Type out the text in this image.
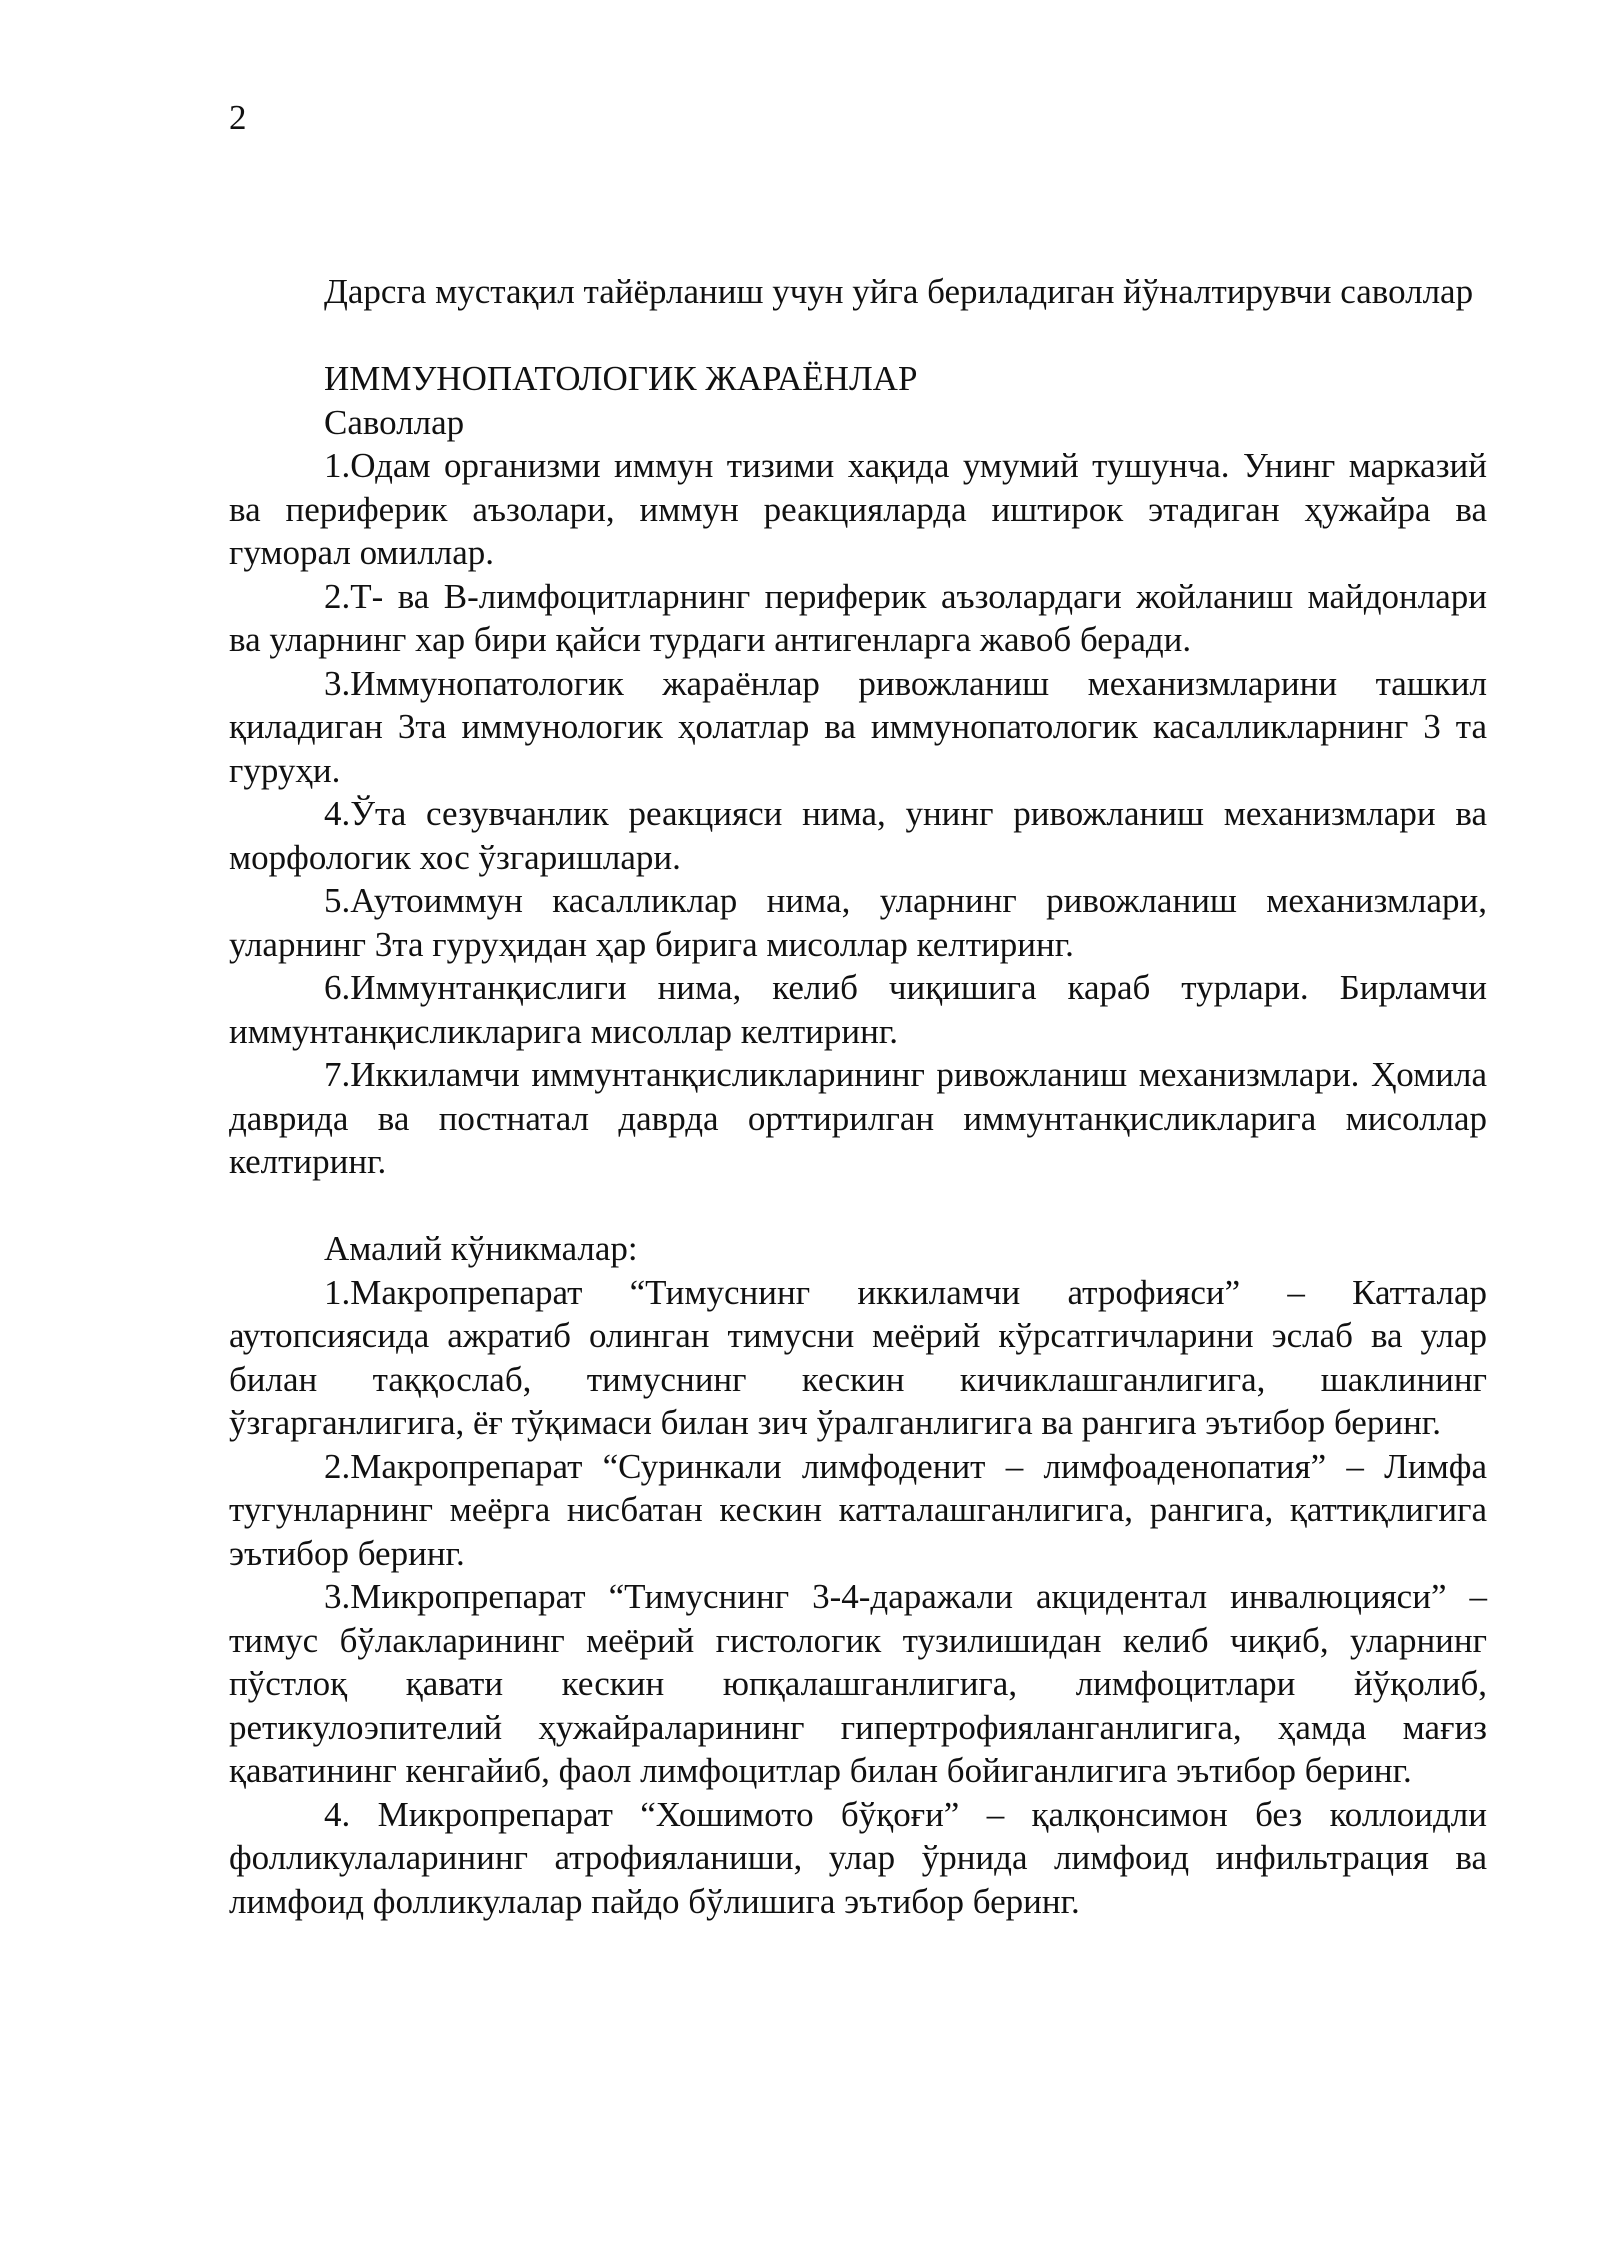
2

Дарсга мустақил тайёрланиш учун уйга бериладиган йўналтирувчи саволлар

ИММУНОПАТОЛОГИК ЖАРАЁНЛАР

Саволлар

1.Одам организми иммун тизими хақида умумий тушунча. Унинг марказий ва периферик аъзолари, иммун реакцияларда иштирок этадиган ҳужайра ва гуморал омиллар.

2.Т- ва В-лимфоцитларнинг периферик аъзолардаги жойланиш майдонлари ва уларнинг хар бири қайси турдаги антигенларга жавоб беради.

3.Иммунопатологик жараёнлар ривожланиш механизмларини ташкил қиладиган 3та иммунологик ҳолатлар ва иммунопатологик касалликларнинг 3 та гуруҳи.

4.Ўта сезувчанлик реакцияси нима, унинг ривожланиш механизмлари ва морфологик хос ўзгаришлари.

5.Аутоиммун касалликлар нима, уларнинг ривожланиш механизмлари, уларнинг 3та гуруҳидан ҳар бирига мисоллар келтиринг.

6.Иммунтанқислиги нима, келиб чиқишига караб турлари. Бирламчи иммунтанқисликларига мисоллар келтиринг.

7.Иккиламчи иммунтанқисликларининг ривожланиш механизмлари. Ҳомила даврида ва постнатал даврда орттирилган иммунтанқисликларига мисоллар келтиринг.

Амалий кўникмалар:

1.Макропрепарат “Тимуснинг иккиламчи атрофияси” – Катталар аутопсиясида ажратиб олинган тимусни меёрий кўрсатгичларини эслаб ва улар билан таққослаб, тимуснинг кескин кичиклашганлигига, шаклининг ўзгарганлигига, ёғ тўқимаси билан зич ўралганлигига ва рангига эътибор беринг.

2.Макропрепарат “Суринкали лимфоденит – лимфоаденопатия” – Лимфа тугунларнинг меёрга нисбатан кескин катталашганлигига, рангига, қаттиқлигига эътибор беринг.

3.Микропрепарат “Тимуснинг 3-4-даражали акцидентал инвалюцияси” – тимус бўлакларининг меёрий гистологик тузилишидан келиб чиқиб, уларнинг пўстлоқ қавати кескин юпқалашганлигига, лимфоцитлари йўқолиб, ретикулоэпителий ҳужайраларининг гипертрофияланганлигига, ҳамда мағиз қаватининг кенгайиб, фаол лимфоцитлар билан бойиганлигига эътибор беринг.

4. Микропрепарат “Хошимото бўқоғи” – қалқонсимон без коллоидли фолликулаларининг атрофияланиши, улар ўрнида лимфоид инфильтрация ва лимфоид фолликулалар пайдо бўлишига эътибор беринг.
